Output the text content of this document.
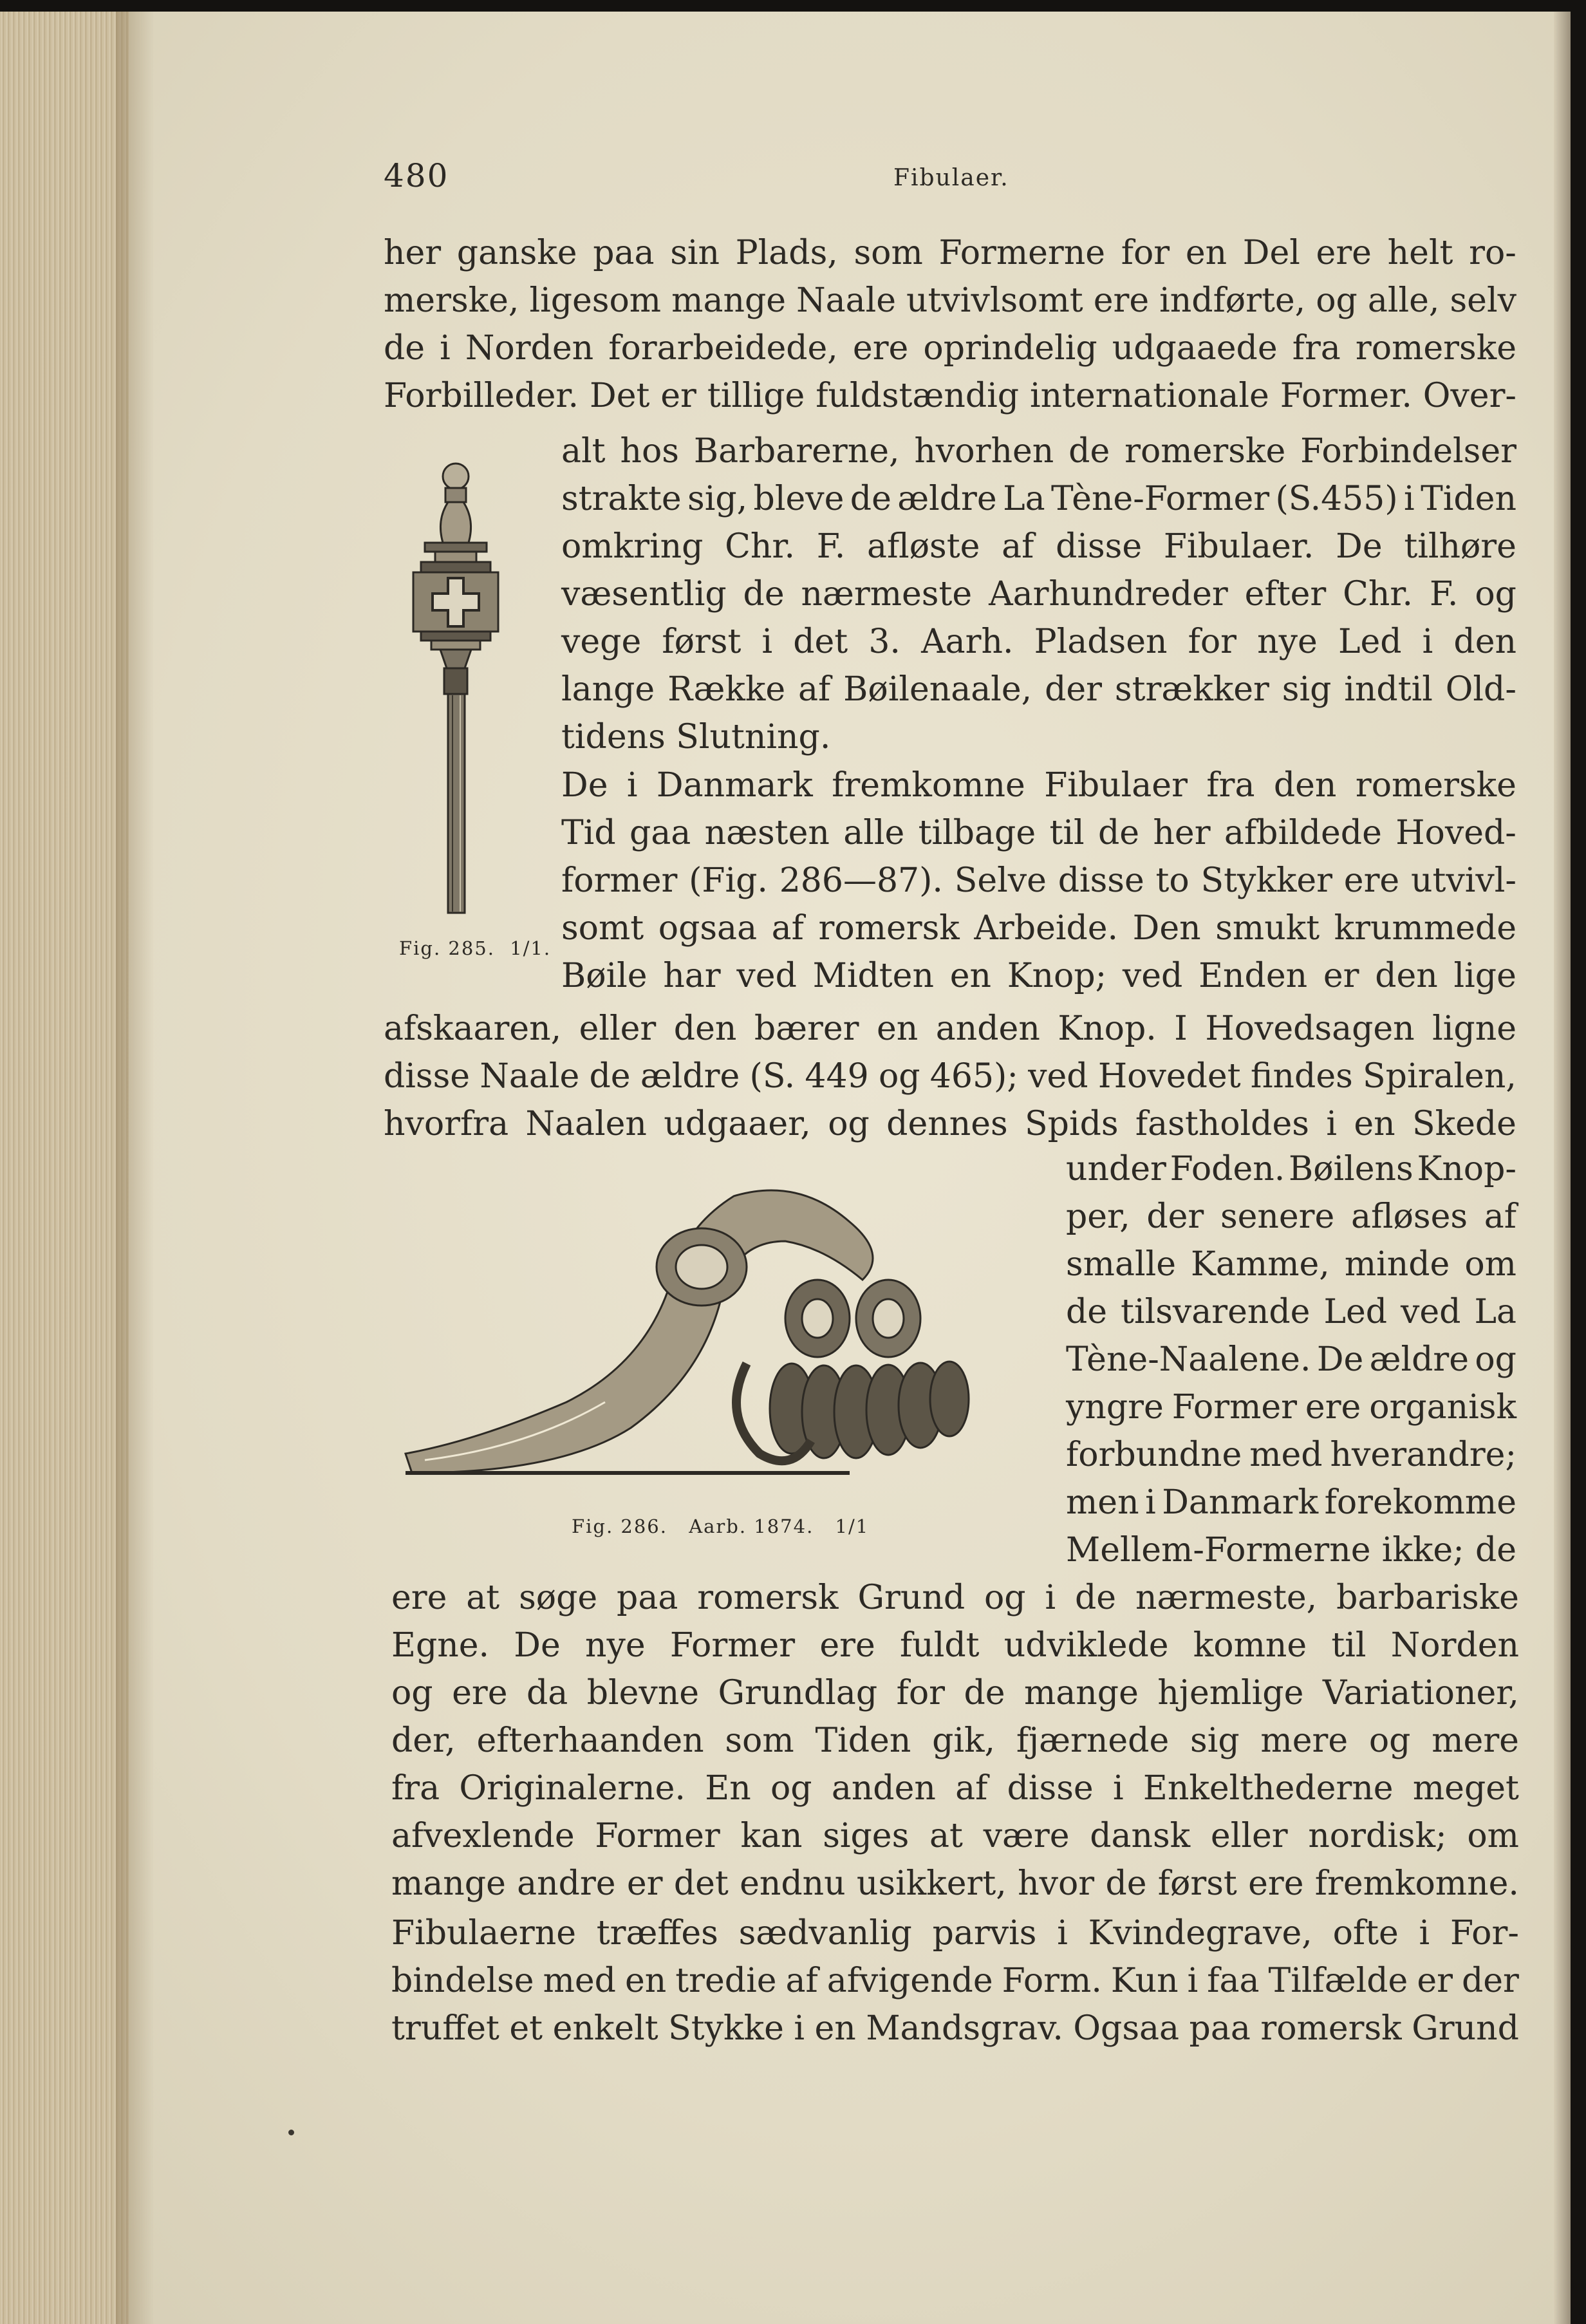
480	Fibulaer.
her ganske paa sin Plads, som Formerne for en Del ere helt ro-
merske, ligesom mange Naale utvivlsomt ere indførte, og alle, selv
de i Norden forarbeidede, ere oprindelig udgaaede fra romerske
Forbilleder. Det er tillige fuldstændig internationale Former. Over-
alt hos Barbarerne, hvorhen de romerske Forbindelser
strakte sig, bleve de ældre La Tène-Former (S.455) i Tiden
omkring Chr. F. afløste af disse Fibulaer. De tilhøre
væsentlig de nærmeste Aarhundreder efter Chr. F. og
vege først i det 3. Aarh. Pladsen for nye Led i den
lange Række af Bøilenaale, der strækker sig indtil Old-
tidens Slutning.
De i Danmark fremkomne Fibulaer fra den romerske
Tid gaa næsten alle tilbage til de her afbildede Hoved-
former (Fig. 286—87). Selve disse to Stykker ere utvivl-
somt ogsaa af romersk Arbeide. Den smukt krummede
Bøile har ved Midten en Knop; ved Enden er den lige
afskaaren, eller den bærer en anden Knop. I Hovedsagen ligne
disse Naale de ældre (S. 449 og 465); ved Hovedet findes Spiralen,
hvorfra Naalen udgaaer, og dennes Spids fastholdes i en Skede
under Foden. Bøilens Knop-
per, der senere afløses af
smalle Kamme, minde om
de tilsvarende Led ved La
Tène-Naalene. De ældre og
yngre Former ere organisk
forbundne med hverandre;
men i Danmark forekomme
Mellem-Formerne ikke; de
ere at søge paa romersk Grund og i de nærmeste, barbariske
Egne. De nye Former ere fuldt udviklede komne til Norden
og ere da blevne Grundlag for de mange hjemlige Variationer,
der, efterhaanden som Tiden gik, fjærnede sig mere og mere
fra Originalerne. En og anden af disse i Enkelthederne meget
afvexlende Former kan siges at være dansk eller nordisk; om
mange andre er det endnu usikkert, hvor de først ere fremkomne.
Fibulaerne træffes sædvanlig parvis i Kvindegrave, ofte i For-
bindelse med en tredie af afvigende Form. Kun i faa Tilfælde er der
truffet et enkelt Stykke i en Mandsgrav. Ogsaa paa romersk Grund
Fig. 285. 1/1.
Fig. 286. Aarb. 1874. 1/1
